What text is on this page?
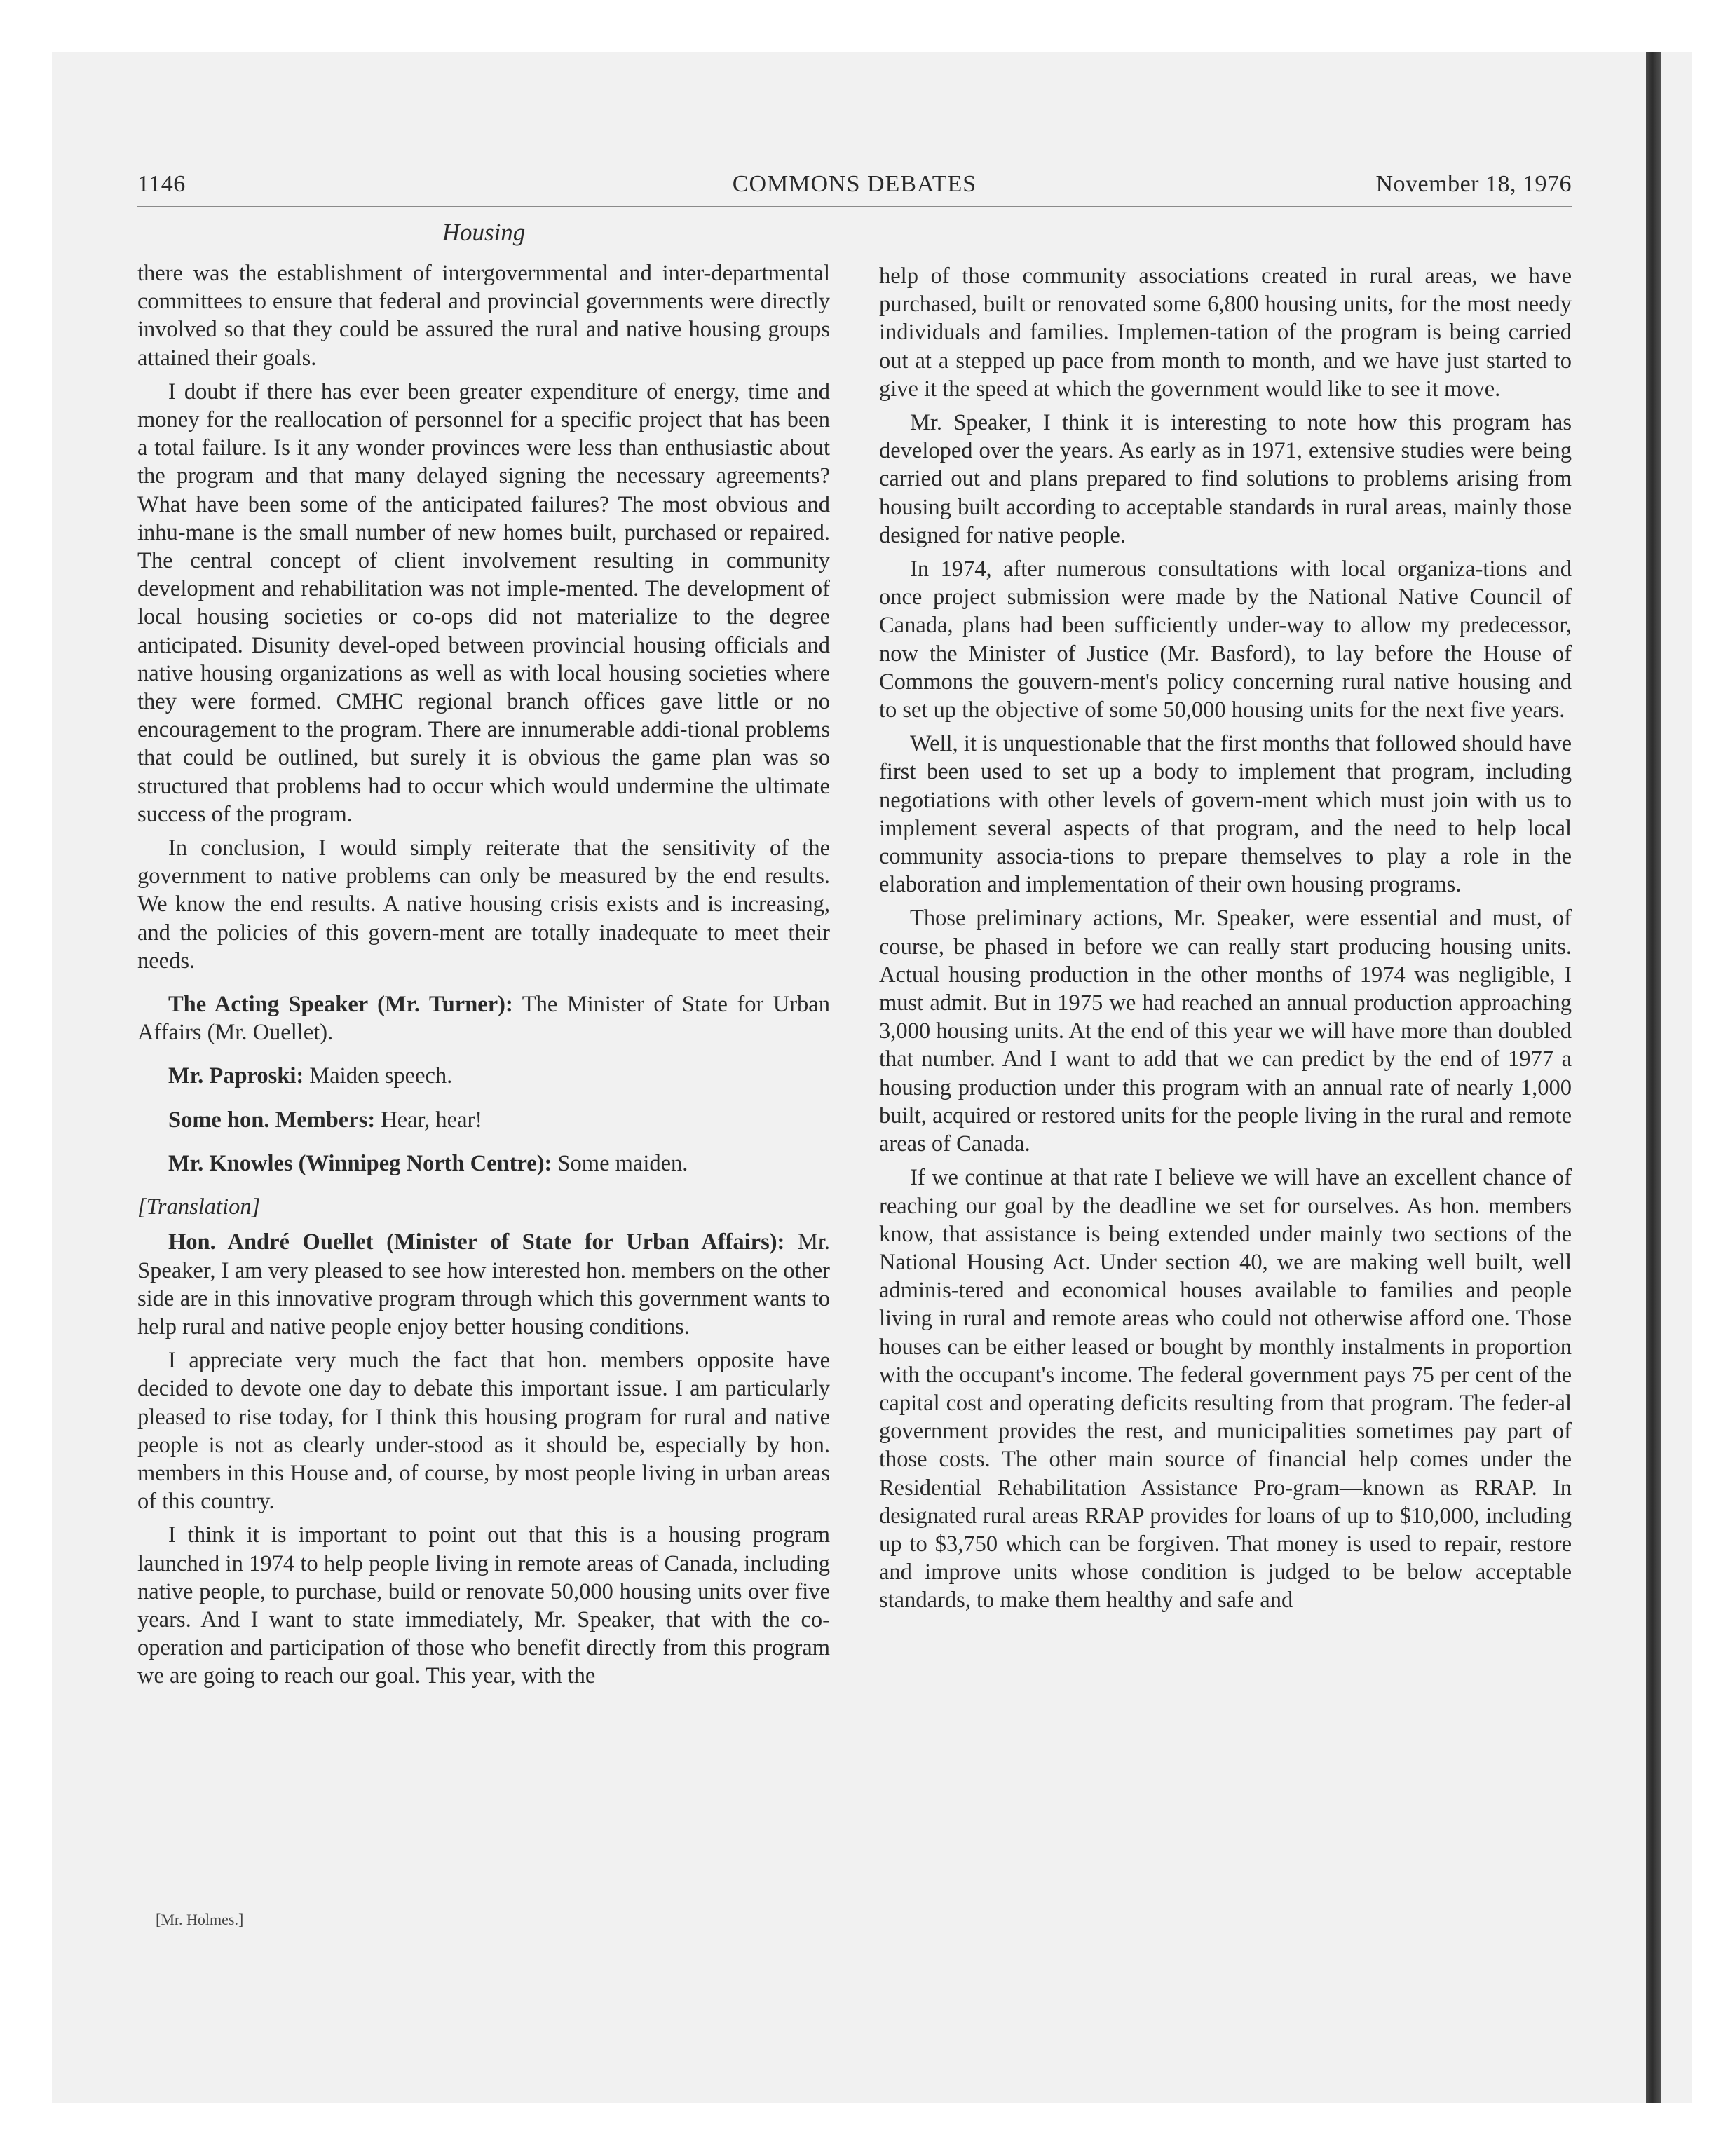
1146	COMMONS DEBATES	November 18, 1976
Housing

there was the establishment of intergovernmental and inter-departmental committees to ensure that federal and provincial governments were directly involved so that they could be assured the rural and native housing groups attained their goals.

I doubt if there has ever been greater expenditure of energy, time and money for the reallocation of personnel for a specific project that has been a total failure. Is it any wonder provinces were less than enthusiastic about the program and that many delayed signing the necessary agreements? What have been some of the anticipated failures? The most obvious and inhu-mane is the small number of new homes built, purchased or repaired. The central concept of client involvement resulting in community development and rehabilitation was not imple-mented. The development of local housing societies or co-ops did not materialize to the degree anticipated. Disunity devel-oped between provincial housing officials and native housing organizations as well as with local housing societies where they were formed. CMHC regional branch offices gave little or no encouragement to the program. There are innumerable addi-tional problems that could be outlined, but surely it is obvious the game plan was so structured that problems had to occur which would undermine the ultimate success of the program.

In conclusion, I would simply reiterate that the sensitivity of the government to native problems can only be measured by the end results. We know the end results. A native housing crisis exists and is increasing, and the policies of this govern-ment are totally inadequate to meet their needs.

The Acting Speaker (Mr. Turner): The Minister of State for Urban Affairs (Mr. Ouellet).

Mr. Paproski: Maiden speech.

Some hon. Members: Hear, hear!

Mr. Knowles (Winnipeg North Centre): Some maiden.

[Translation]

Hon. André Ouellet (Minister of State for Urban Affairs): Mr. Speaker, I am very pleased to see how interested hon. members on the other side are in this innovative program through which this government wants to help rural and native people enjoy better housing conditions.

I appreciate very much the fact that hon. members opposite have decided to devote one day to debate this important issue. I am particularly pleased to rise today, for I think this housing program for rural and native people is not as clearly under-stood as it should be, especially by hon. members in this House and, of course, by most people living in urban areas of this country.

I think it is important to point out that this is a housing program launched in 1974 to help people living in remote areas of Canada, including native people, to purchase, build or renovate 50,000 housing units over five years. And I want to state immediately, Mr. Speaker, that with the co-operation and participation of those who benefit directly from this program we are going to reach our goal. This year, with the

[Mr. Holmes.]

help of those community associations created in rural areas, we have purchased, built or renovated some 6,800 housing units, for the most needy individuals and families. Implemen-tation of the program is being carried out at a stepped up pace from month to month, and we have just started to give it the speed at which the government would like to see it move.

Mr. Speaker, I think it is interesting to note how this program has developed over the years. As early as in 1971, extensive studies were being carried out and plans prepared to find solutions to problems arising from housing built according to acceptable standards in rural areas, mainly those designed for native people.

In 1974, after numerous consultations with local organiza-tions and once project submission were made by the National Native Council of Canada, plans had been sufficiently under-way to allow my predecessor, now the Minister of Justice (Mr. Basford), to lay before the House of Commons the gouvern-ment's policy concerning rural native housing and to set up the objective of some 50,000 housing units for the next five years.

Well, it is unquestionable that the first months that followed should have first been used to set up a body to implement that program, including negotiations with other levels of govern-ment which must join with us to implement several aspects of that program, and the need to help local community associa-tions to prepare themselves to play a role in the elaboration and implementation of their own housing programs.

Those preliminary actions, Mr. Speaker, were essential and must, of course, be phased in before we can really start producing housing units. Actual housing production in the other months of 1974 was negligible, I must admit. But in 1975 we had reached an annual production approaching 3,000 housing units. At the end of this year we will have more than doubled that number. And I want to add that we can predict by the end of 1977 a housing production under this program with an annual rate of nearly 1,000 built, acquired or restored units for the people living in the rural and remote areas of Canada.

If we continue at that rate I believe we will have an excellent chance of reaching our goal by the deadline we set for ourselves. As hon. members know, that assistance is being extended under mainly two sections of the National Housing Act. Under section 40, we are making well built, well adminis-tered and economical houses available to families and people living in rural and remote areas who could not otherwise afford one. Those houses can be either leased or bought by monthly instalments in proportion with the occupant's income. The federal government pays 75 per cent of the capital cost and operating deficits resulting from that program. The feder-al government provides the rest, and municipalities sometimes pay part of those costs. The other main source of financial help comes under the Residential Rehabilitation Assistance Pro-gram—known as RRAP. In designated rural areas RRAP provides for loans of up to $10,000, including up to $3,750 which can be forgiven. That money is used to repair, restore and improve units whose condition is judged to be below acceptable standards, to make them healthy and safe and
